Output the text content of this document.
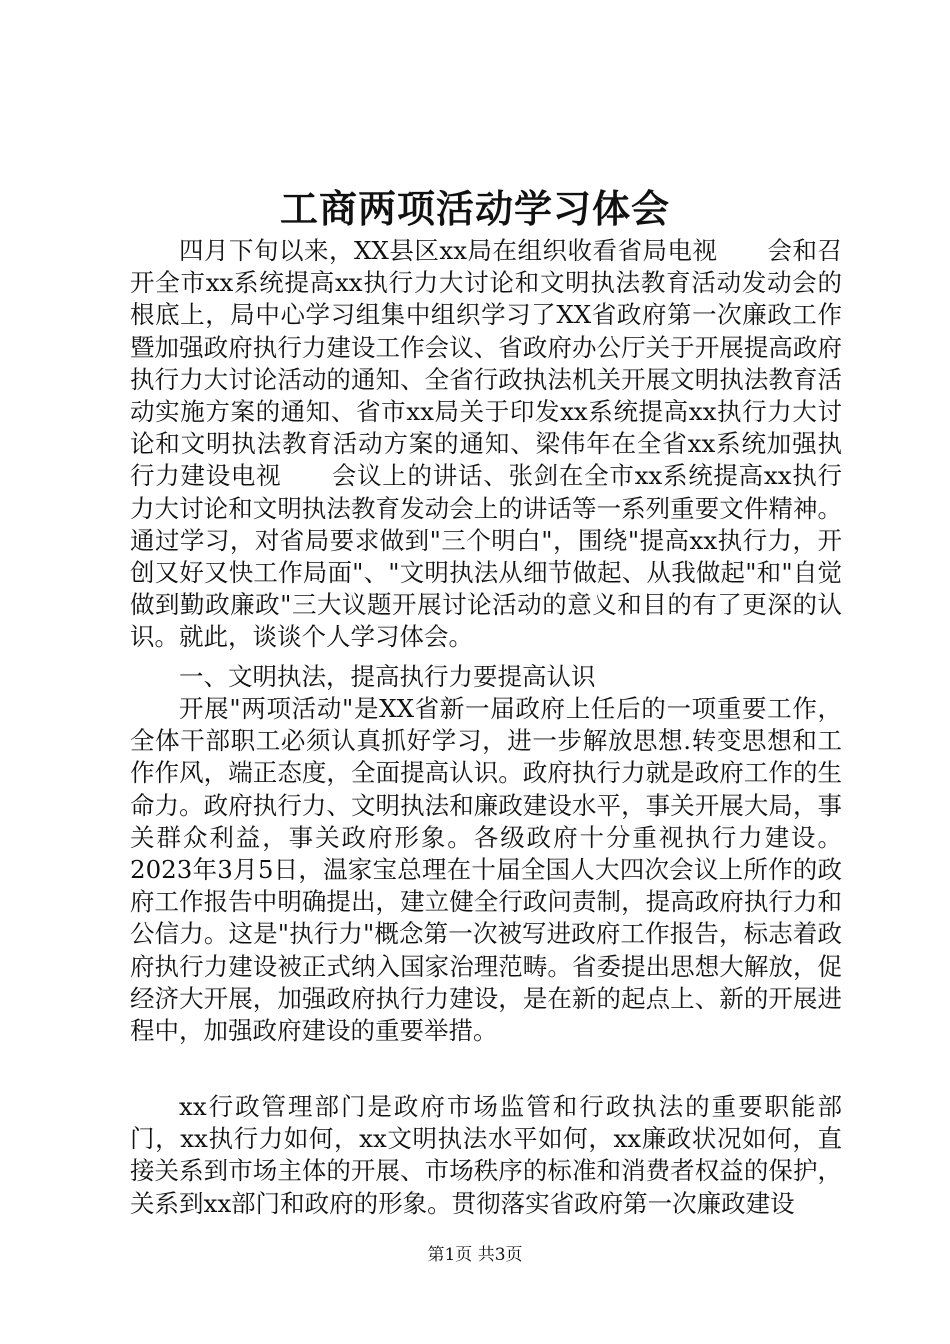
工商两项活动学习体会

四月下旬以来，XX县区xx局在组织收看省局电视　　会和召开全市xx系统提高xx执行力大讨论和文明执法教育活动发动会的根底上，局中心学习组集中组织学习了XX省政府第一次廉政工作暨加强政府执行力建设工作会议、省政府办公厅关于开展提高政府执行力大讨论活动的通知、全省行政执法机关开展文明执法教育活动实施方案的通知、省市xx局关于印发xx系统提高xx执行力大讨论和文明执法教育活动方案的通知、梁伟年在全省xx系统加强执行力建设电视　　会议上的讲话、张剑在全市xx系统提高xx执行力大讨论和文明执法教育发动会上的讲话等一系列重要文件精神。通过学习，对省局要求做到"三个明白"，围绕"提高xx执行力，开创又好又快工作局面"、"文明执法从细节做起、从我做起"和"自觉做到勤政廉政"三大议题开展讨论活动的意义和目的有了更深的认识。就此，谈谈个人学习体会。

一、文明执法，提高执行力要提高认识

开展"两项活动"是XX省新一届政府上任后的一项重要工作，全体干部职工必须认真抓好学习，进一步解放思想.转变思想和工作作风，端正态度，全面提高认识。政府执行力就是政府工作的生命力。政府执行力、文明执法和廉政建设水平，事关开展大局，事关群众利益，事关政府形象。各级政府十分重视执行力建设。2023年3月5日，温家宝总理在十届全国人大四次会议上所作的政府工作报告中明确提出，建立健全行政问责制，提高政府执行力和公信力。这是"执行力"概念第一次被写进政府工作报告，标志着政府执行力建设被正式纳入国家治理范畴。省委提出思想大解放，促经济大开展，加强政府执行力建设，是在新的起点上、新的开展进程中，加强政府建设的重要举措。

xx行政管理部门是政府市场监管和行政执法的重要职能部门，xx执行力如何，xx文明执法水平如何，xx廉政状况如何，直接关系到市场主体的开展、市场秩序的标准和消费者权益的保护，关系到xx部门和政府的形象。贯彻落实省政府第一次廉政建设

第1页 共3页
